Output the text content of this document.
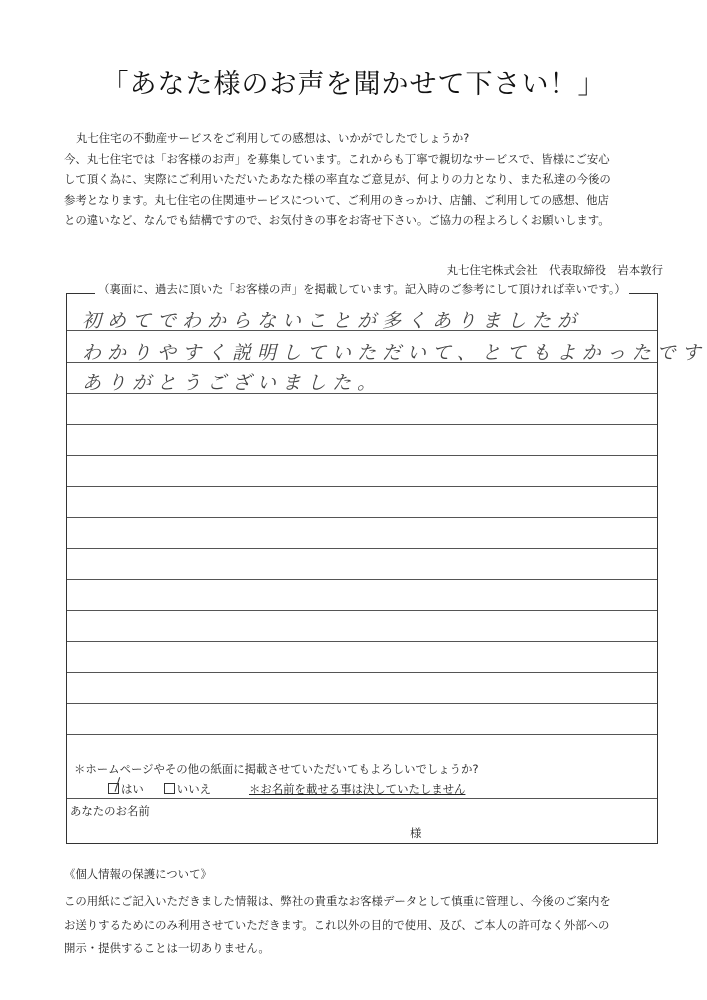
「あなた様のお声を聞かせて下さい！」

丸七住宅の不動産サービスをご利用しての感想は、いかがでしたでしょうか?

今、丸七住宅では「お客様のお声」を募集しています。これからも丁寧で親切なサービスで、皆様にご安心

して頂く為に、実際にご利用いただいたあなた様の率直なご意見が、何よりの力となり、また私達の今後の

参考となります。丸七住宅の住関連サービスについて、ご利用のきっかけ、店舗、ご利用しての感想、他店

との違いなど、なんでも結構ですので、お気付きの事をお寄せ下さい。ご協力の程よろしくお願いします。

丸七住宅株式会社　代表取締役　岩本敦行
（裏面に、過去に頂いた「お客様の声」を掲載しています。記入時のご参考にして頂ければ幸いです。）
初めてでわからないことが多くありましたが
わかりやすく説明していただいて、とてもよかったです
ありがとうございました。
＊ホームページやその他の紙面に掲載させていただいてもよろしいでしょうか?
はい	いいえ	＊お名前を載せる事は決していたしません
あなたのお名前
様
《個人情報の保護について》

この用紙にご記入いただきました情報は、弊社の貴重なお客様データとして慎重に管理し、今後のご案内を

お送りするためにのみ利用させていただきます。これ以外の目的で使用、及び、ご本人の許可なく外部への

開示・提供することは一切ありません。
